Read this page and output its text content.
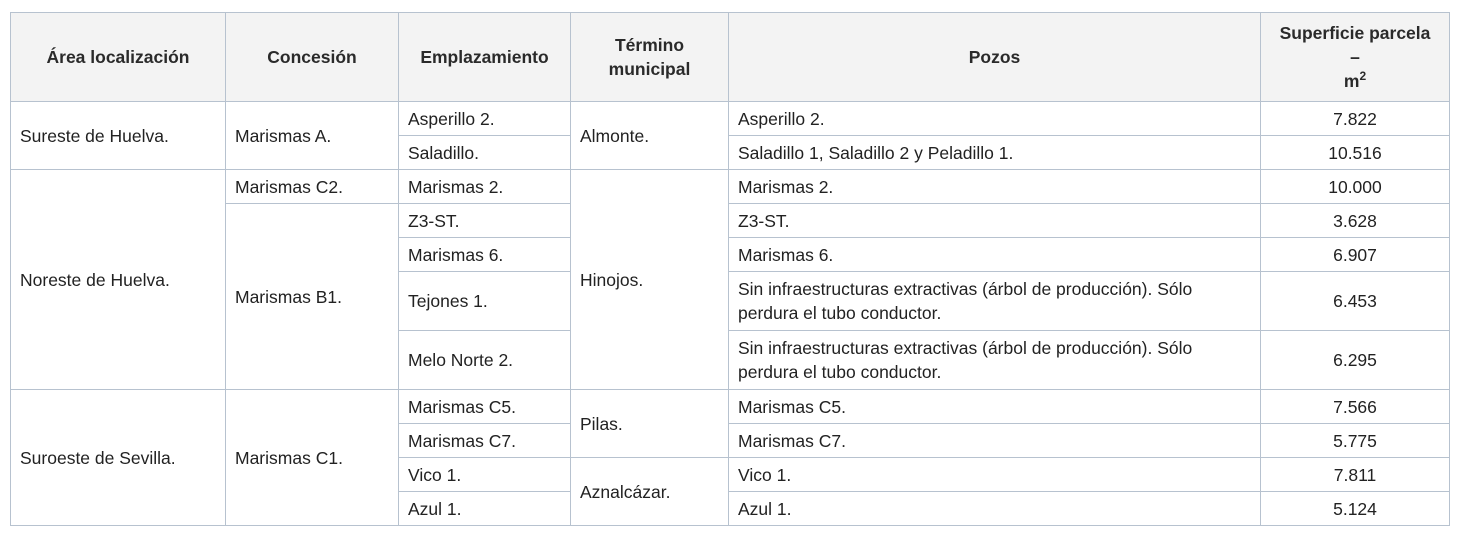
Área localización	Concesión	Emplazamiento	Término municipal	Pozos	Superficie parcela
–
$m^2$

Sureste de Huelva.	Marismas A.	Asperillo 2.	Almonte.	Asperillo 2.	7.822
		Saladillo.		Saladillo 1, Saladillo 2 y Peladillo 1.	10.516
Noreste de Huelva.	Marismas C2.	Marismas 2.	Hinojos.	Marismas 2.	10.000
	Marismas B1.	Z3-ST.		Z3-ST.	3.628
		Marismas 6.		Marismas 6.	6.907
		Tejones 1.		Sin infraestructuras extractivas (árbol de producción). Sólo perdura el tubo conductor.	6.453
		Melo Norte 2.		Sin infraestructuras extractivas (árbol de producción). Sólo perdura el tubo conductor.	6.295
Suroeste de Sevilla.	Marismas C1.	Marismas C5.	Pilas.	Marismas C5.	7.566
		Marismas C7.		Marismas C7.	5.775
		Vico 1.	Aznalcázar.	Vico 1.	7.811
		Azul 1.		Azul 1.	5.124
